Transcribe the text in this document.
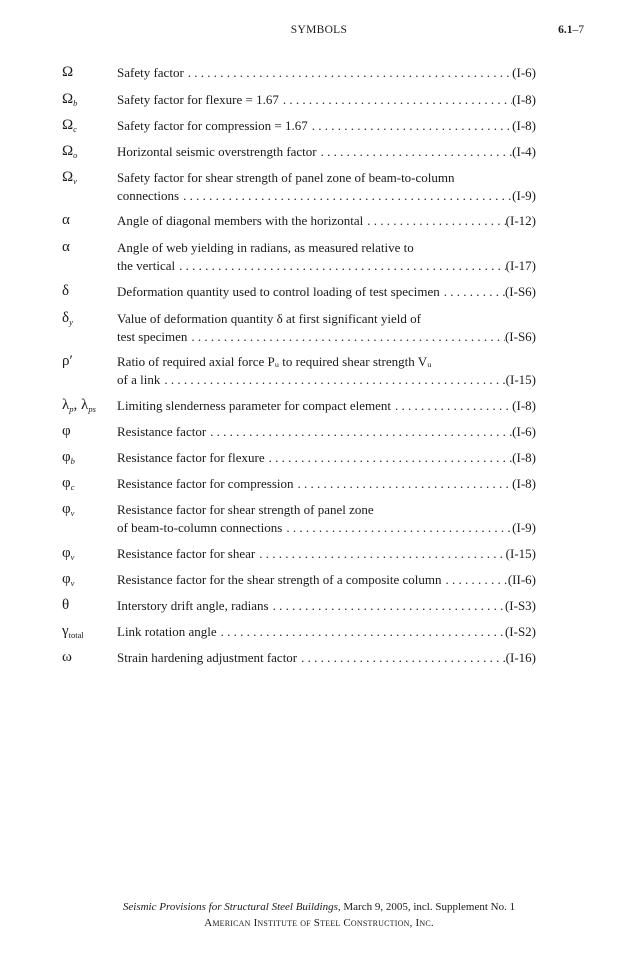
SYMBOLS	6.1–7
Ω	Safety factor . . .	(I-6)
$\Omega_b$	Safety factor for flexure = 1.67 . . .	(I-8)
$\Omega_c$	Safety factor for compression = 1.67 . . .	(I-8)
$\Omega_o$	Horizontal seismic overstrength factor . . .	(I-4)
$\Omega_v$	Safety factor for shear strength of panel zone of beam-to-column
connections . . .	(I-9)
α	Angle of diagonal members with the horizontal . . .	(I-12)
α	Angle of web yielding in radians, as measured relative to
the vertical . . .	(I-17)
δ	Deformation quantity used to control loading of test specimen . . .	(I-S6)
$\delta_y$	Value of deformation quantity δ at first significant yield of
test specimen . . .	(I-S6)
ρ′	Ratio of required axial force Pᵤ to required shear strength Vᵤ
of a link . . .	(I-15)
$\lambda_p$, $\lambda_{ps}$	Limiting slenderness parameter for compact element . . .	(I-8)
φ	Resistance factor . . .	(I-6)
$\varphi_b$	Resistance factor for flexure . . .	(I-8)
$\varphi_c$	Resistance factor for compression . . .	(I-8)
$\varphi_v$	Resistance factor for shear strength of panel zone
of beam-to-column connections . . .	(I-9)
$\varphi_v$	Resistance factor for shear . . .	(I-15)
$\varphi_v$	Resistance factor for the shear strength of a composite column . . .	(II-6)
θ	Interstory drift angle, radians . . .	(I-S3)
$\gamma_{total}$	Link rotation angle . . .	(I-S2)
ω	Strain hardening adjustment factor . . .	(I-16)
Seismic Provisions for Structural Steel Buildings, March 9, 2005, incl. Supplement No. 1
American Institute of Steel Construction, Inc.
